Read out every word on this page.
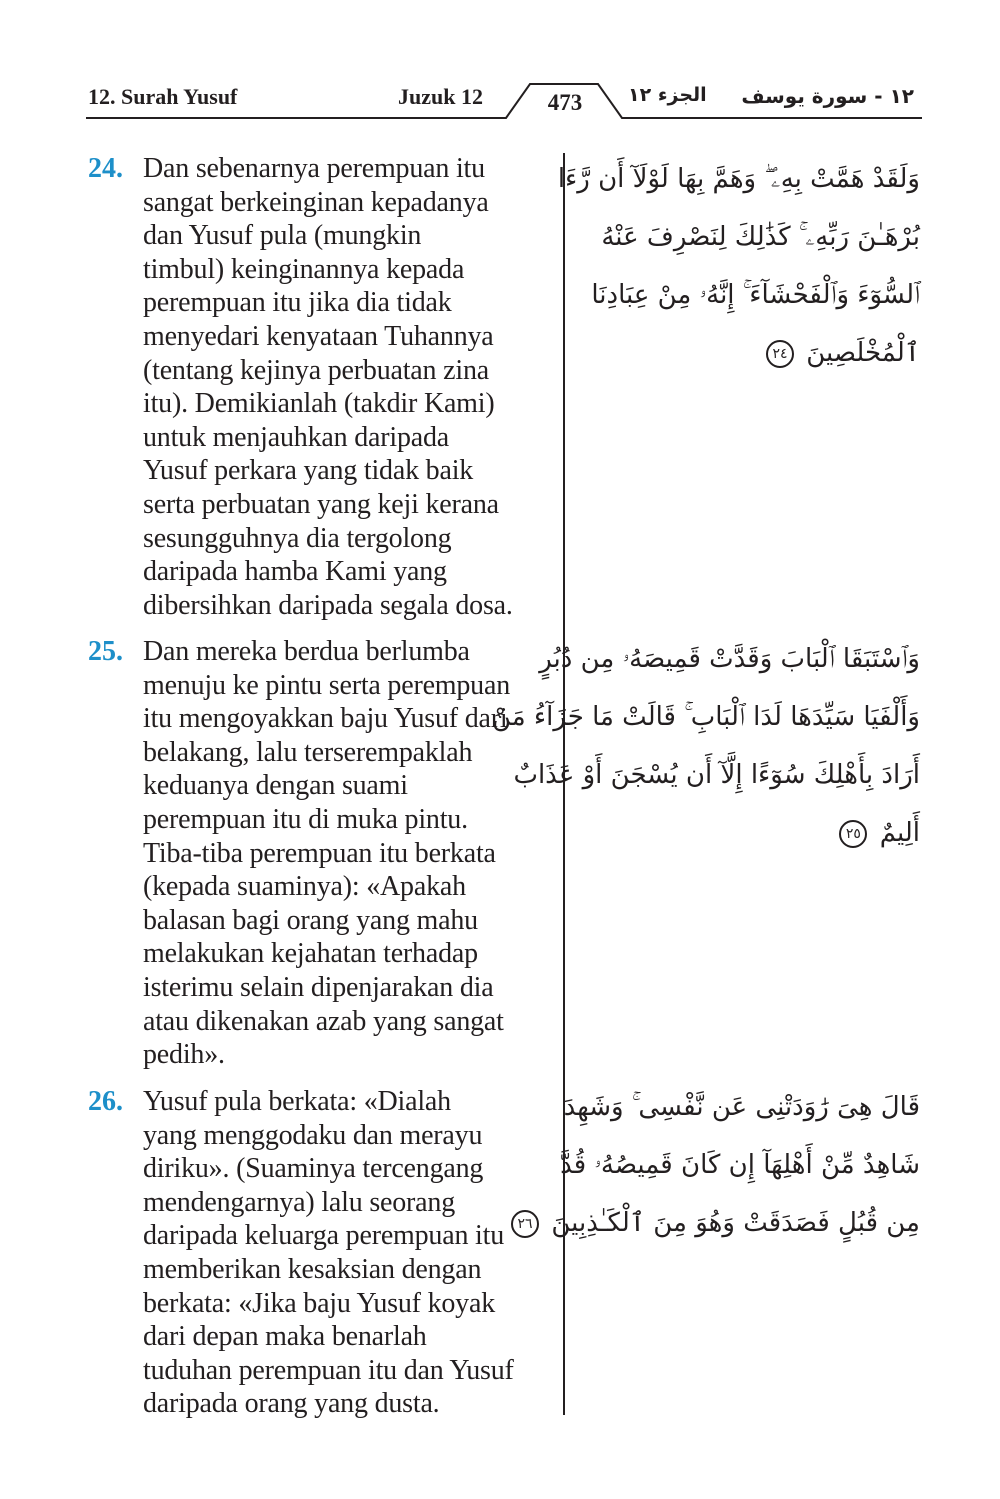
12. Surah Yusuf	Juzuk 12	473	الجزء ١٢ ١٢ - سورة يوسف
24. Dan sebenarnya perempuan itu
sangat berkeinginan kepadanya
dan Yusuf pula (mungkin
timbul) keinginannya kepada
perempuan itu jika dia tidak
menyedari kenyataan Tuhannya
(tentang kejinya perbuatan zina
itu). Demikianlah (takdir Kami)
untuk menjauhkan daripada
Yusuf perkara yang tidak baik
serta perbuatan yang keji kerana
sesungguhnya dia tergolong
daripada hamba Kami yang
dibersihkan daripada segala dosa.
وَلَقَدْ هَمَّتْ بِهِۦ ۖ وَهَمَّ بِهَا لَوْلَآ أَن رَّءَا
بُرْهَـٰنَ رَبِّهِۦ ۚ كَذَٰلِكَ لِنَصْرِفَ عَنْهُ
ٱلسُّوٓءَ وَٱلْفَحْشَآءَ ۚ إِنَّهُۥ مِنْ عِبَادِنَا
ٱلْمُخْلَصِينَ ٢٤
25. Dan mereka berdua berlumba
menuju ke pintu serta perempuan
itu mengoyakkan baju Yusuf dari
belakang, lalu terserempaklah
keduanya dengan suami
perempuan itu di muka pintu.
Tiba-tiba perempuan itu berkata
(kepada suaminya): «Apakah
balasan bagi orang yang mahu
melakukan kejahatan terhadap
isterimu selain dipenjarakan dia
atau dikenakan azab yang sangat
pedih».
وَٱسْتَبَقَا ٱلْبَابَ وَقَدَّتْ قَمِيصَهُۥ مِن دُبُرٍ
وَأَلْفَيَا سَيِّدَهَا لَدَا ٱلْبَابِ ۚ قَالَتْ مَا جَزَآءُ مَنْ
أَرَادَ بِأَهْلِكَ سُوٓءًا إِلَّآ أَن يُسْجَنَ أَوْ عَذَابٌ
أَلِيمٌ ٢٥
26. Yusuf pula berkata: «Dialah
yang menggodaku dan merayu
diriku». (Suaminya tercengang
mendengarnya) lalu seorang
daripada keluarga perempuan itu
memberikan kesaksian dengan
berkata: «Jika baju Yusuf koyak
dari depan maka benarlah
tuduhan perempuan itu dan Yusuf
daripada orang yang dusta.
قَالَ هِىَ رَٰوَدَتْنِى عَن نَّفْسِى ۚ وَشَهِدَ
شَاهِدٌ مِّنْ أَهْلِهَآ إِن كَانَ قَمِيصُهُۥ قُدَّ
مِن قُبُلٍ فَصَدَقَتْ وَهُوَ مِنَ ٱلْكَـٰذِبِينَ ٢٦
